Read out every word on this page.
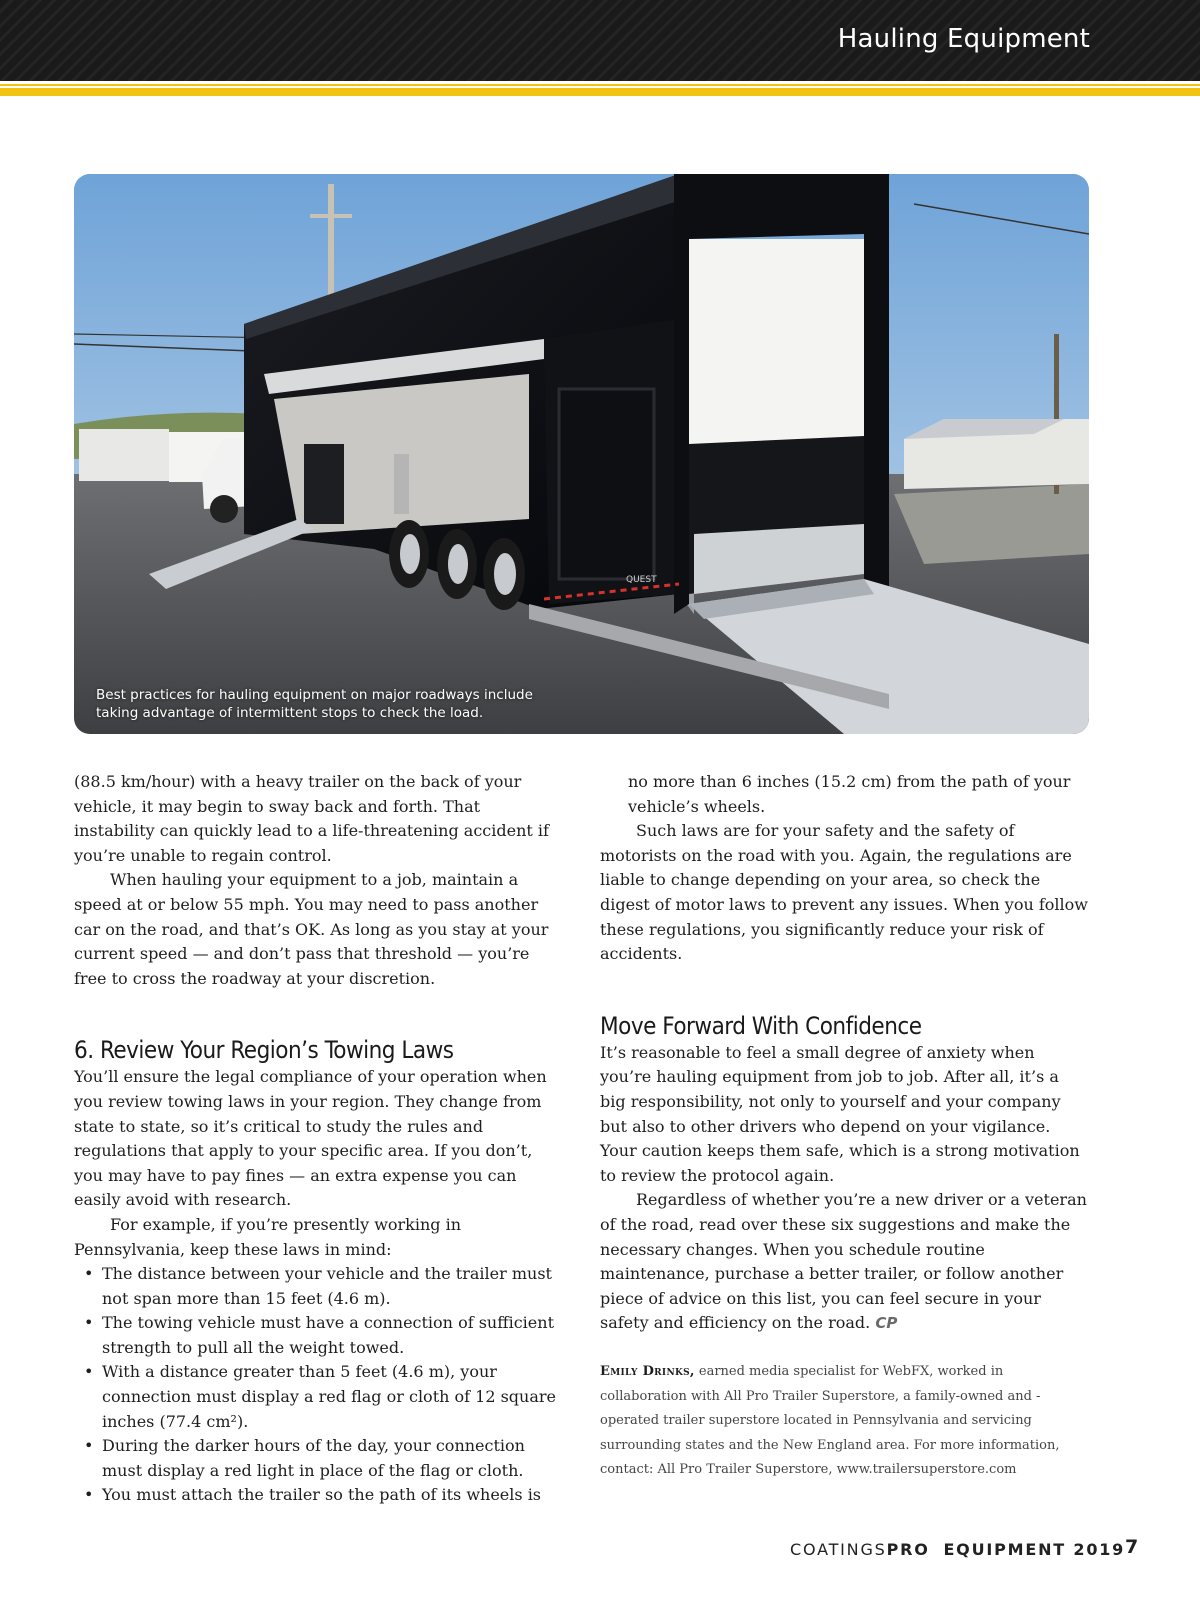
Hauling Equipment
QUEST
Best practices for hauling equipment on major roadways include
taking advantage of intermittent stops to check the load.

(88.5 km/hour) with a heavy trailer on the back of your vehicle, it may begin to sway back and forth. That instability can quickly lead to a life-threatening accident if you’re unable to regain control.

When hauling your equipment to a job, maintain a speed at or below 55 mph. You may need to pass another car on the road, and that’s OK. As long as you stay at your current speed — and don’t pass that threshold — you’re free to cross the roadway at your discretion.

6. Review Your Region’s Towing Laws

You’ll ensure the legal compliance of your operation when you review towing laws in your region. They change from state to state, so it’s critical to study the rules and regulations that apply to your specific area. If you don’t, you may have to pay fines — an extra expense you can easily avoid with research.

For example, if you’re presently working in Pennsylvania, keep these laws in mind:

• The distance between your vehicle and the trailer must not span more than 15 feet (4.6 m).
• The towing vehicle must have a connection of sufficient strength to pull all the weight towed.
• With a distance greater than 5 feet (4.6 m), your connection must display a red flag or cloth of 12 square inches (77.4 cm²).
• During the darker hours of the day, your connection must display a red light in place of the flag or cloth.
• You must attach the trailer so the path of its wheels is

no more than 6 inches (15.2 cm) from the path of your vehicle’s wheels.

Such laws are for your safety and the safety of motorists on the road with you. Again, the regulations are liable to change depending on your area, so check the digest of motor laws to prevent any issues. When you follow these regulations, you significantly reduce your risk of accidents.

Move Forward With Confidence

It’s reasonable to feel a small degree of anxiety when you’re hauling equipment from job to job. After all, it’s a big responsibility, not only to yourself and your company but also to other drivers who depend on your vigilance. Your caution keeps them safe, which is a strong motivation to review the protocol again.

Regardless of whether you’re a new driver or a veteran of the road, read over these six suggestions and make the necessary changes. When you schedule routine maintenance, purchase a better trailer, or follow another piece of advice on this list, you can feel secure in your safety and efficiency on the road. CP

Emily Drinks, earned media specialist for WebFX, worked in collaboration with All Pro Trailer Superstore, a family-owned and -operated trailer superstore located in Pennsylvania and servicing surrounding states and the New England area. For more information, contact: All Pro Trailer Superstore, www.trailersuperstore.com
COATINGSPRO EQUIPMENT 2019 7
